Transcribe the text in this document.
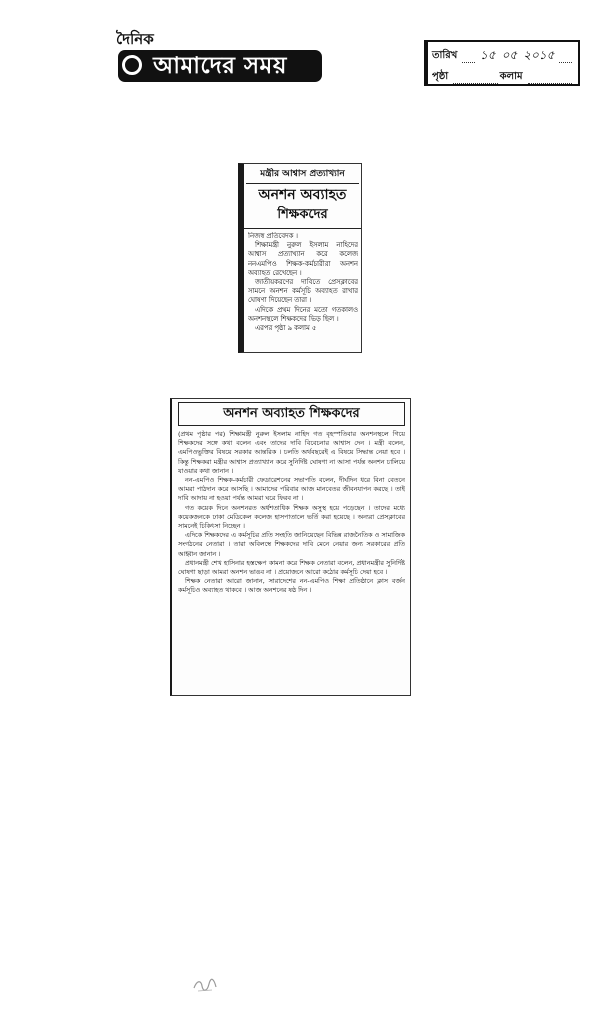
দৈনিক
আমাদের সময়	তারিখ ১৫ ০৫ ২০১৫
পৃষ্ঠা	কলাম
মন্ত্রীর আশ্বাস প্রত্যাখ্যান
অনশন অব্যাহত
শিক্ষকদের

নিজস্ব প্রতিবেদক ।

শিক্ষামন্ত্রী নুরুল ইসলাম নাহিদের আশ্বাস প্রত্যাখ্যান করে কলেজ ননএমপিও শিক্ষক-কর্মচারীরা অনশন অব্যাহত রেখেছেন ।

জাতীয়করণের দাবিতে প্রেসক্লাবের সামনে অনশন কর্মসূচি অব্যাহত রাখার ঘোষণা দিয়েছেন তারা ।

এদিকে প্রথম দিনের মতো গতকালও অনশনস্থলে শিক্ষকদের ভিড় ছিল ।

এরপর পৃষ্ঠা ৯ কলাম ৫

অনশন অব্যাহত শিক্ষকদের

(প্রথম পৃষ্ঠার পর) শিক্ষামন্ত্রী নুরুল ইসলাম নাহিদ গত বৃহস্পতিবার অনশনস্থলে গিয়ে শিক্ষকদের সঙ্গে কথা বলেন এবং তাদের দাবি বিবেচনার আশ্বাস দেন । মন্ত্রী বলেন, এমপিওভুক্তির বিষয়ে সরকার আন্তরিক । চলতি অর্থবছরেই এ বিষয়ে সিদ্ধান্ত নেয়া হবে । কিন্তু শিক্ষকরা মন্ত্রীর আশ্বাস প্রত্যাখ্যান করে সুনির্দিষ্ট ঘোষণা না আসা পর্যন্ত অনশন চালিয়ে যাওয়ার কথা জানান ।

নন-এমপিও শিক্ষক-কর্মচারী ফেডারেশনের সভাপতি বলেন, দীর্ঘদিন ধরে বিনা বেতনে আমরা পাঠদান করে আসছি । আমাদের পরিবার আজ মানবেতর জীবনযাপন করছে । তাই দাবি আদায় না হওয়া পর্যন্ত আমরা ঘরে ফিরব না ।

গত কয়েক দিনে অনশনরত অর্ধশতাধিক শিক্ষক অসুস্থ হয়ে পড়েছেন । তাদের মধ্যে কয়েকজনকে ঢাকা মেডিকেল কলেজ হাসপাতালে ভর্তি করা হয়েছে । অন্যরা প্রেসক্লাবের সামনেই চিকিৎসা নিচ্ছেন ।

এদিকে শিক্ষকদের এ কর্মসূচির প্রতি সংহতি জানিয়েছেন বিভিন্ন রাজনৈতিক ও সামাজিক সংগঠনের নেতারা । তারা অবিলম্বে শিক্ষকদের দাবি মেনে নেয়ার জন্য সরকারের প্রতি আহ্বান জানান ।

প্রধানমন্ত্রী শেখ হাসিনার হস্তক্ষেপ কামনা করে শিক্ষক নেতারা বলেন, প্রধানমন্ত্রীর সুনির্দিষ্ট ঘোষণা ছাড়া আমরা অনশন ভাঙব না । প্রয়োজনে আরো কঠোর কর্মসূচি দেয়া হবে ।

শিক্ষক নেতারা আরো জানান, সারাদেশের নন-এমপিও শিক্ষা প্রতিষ্ঠানে ক্লাস বর্জন কর্মসূচিও অব্যাহত থাকবে । আজ অনশনের ষষ্ঠ দিন ।
